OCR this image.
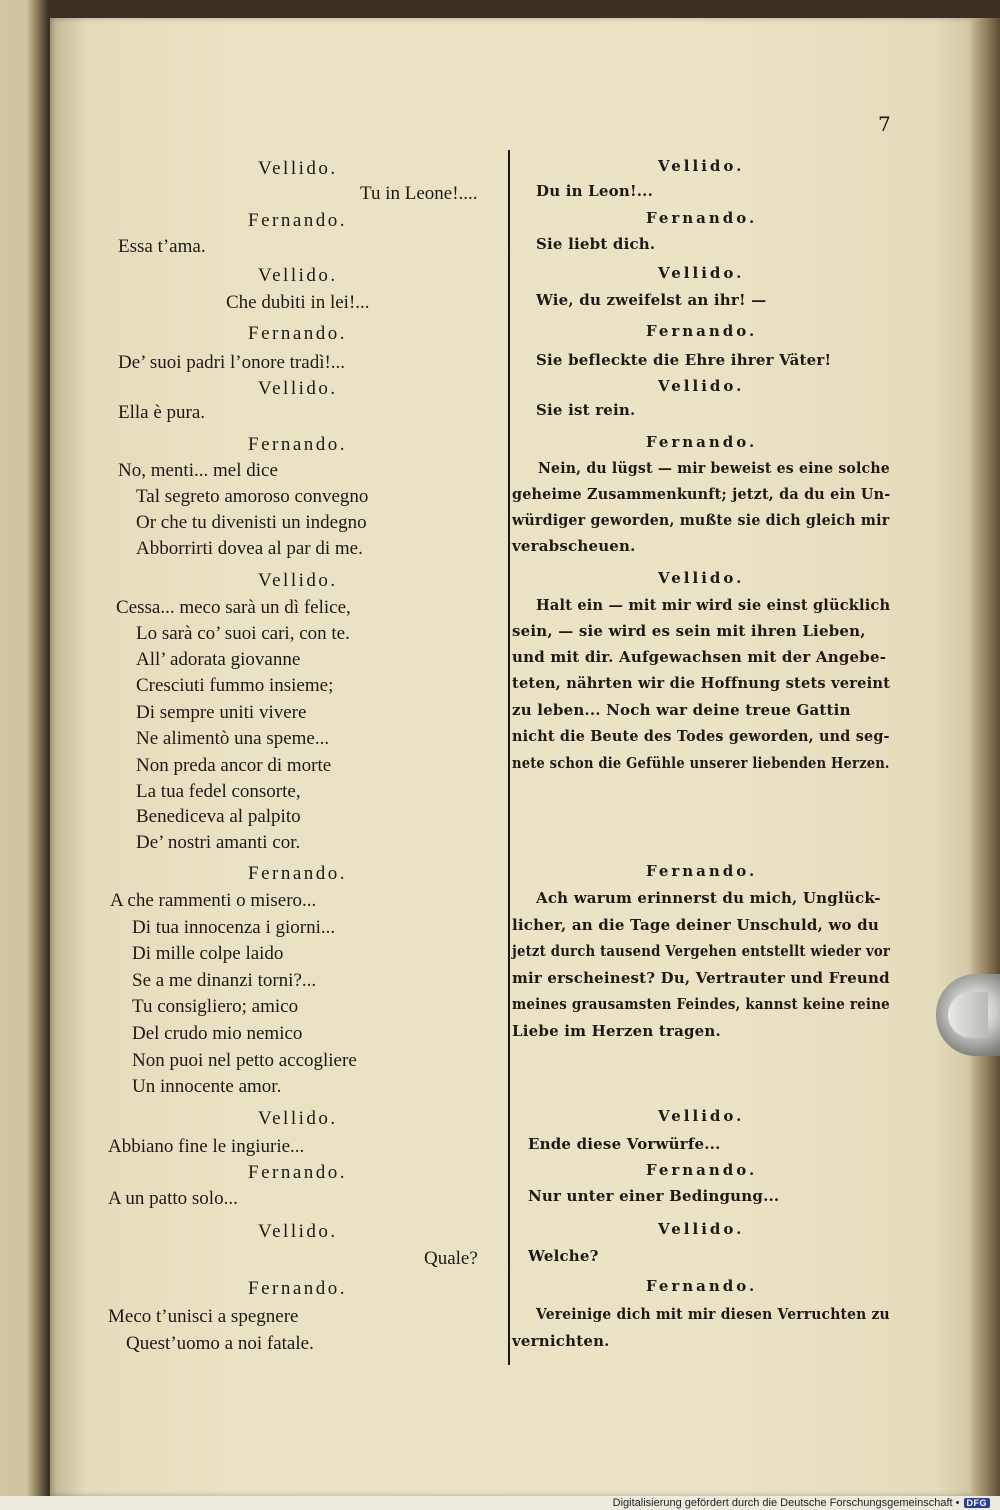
7
Vellido.
Tu in Leone!....
Fernando.
Essa t’ama.
Vellido.
Che dubiti in lei!...
Fernando.
De’ suoi padri l’onore tradì!...
Vellido.
Ella è pura.
Fernando.
No, menti... mel dice
Tal segreto amoroso convegno
Or che tu divenisti un indegno
Abborrirti dovea al par di me.
Vellido.
Cessa... meco sarà un dì felice,
Lo sarà co’ suoi cari, con te.
All’ adorata giovanne
Cresciuti fummo insieme;
Di sempre uniti vivere
Ne alimentò una speme...
Non preda ancor di morte
La tua fedel consorte,
Benediceva al palpito
De’ nostri amanti cor.
Fernando.
A che rammenti o misero...
Di tua innocenza i giorni...
Di mille colpe laido
Se a me dinanzi torni?...
Tu consigliero; amico
Del crudo mio nemico
Non puoi nel petto accogliere
Un innocente amor.
Vellido.
Abbiano fine le ingiurie...
Fernando.
A un patto solo...
Vellido.
Quale?
Fernando.
Meco t’unisci a spegnere
Quest’uomo a noi fatale.
Vellido.
Du in Leon!...
Fernando.
Sie liebt dich.
Vellido.
Wie, du zweifelst an ihr! —
Fernando.
Sie befleckte die Ehre ihrer Väter!
Vellido.
Sie ist rein.
Fernando.
Nein, du lügst — mir beweist es eine solche
geheime Zusammenkunft; jetzt, da du ein Un-
würdiger geworden, mußte sie dich gleich mir
verabscheuen.
Vellido.
Halt ein — mit mir wird sie einst glücklich
sein, — sie wird es sein mit ihren Lieben,
und mit dir. Aufgewachsen mit der Angebe-
teten, nährten wir die Hoffnung stets vereint
zu leben... Noch war deine treue Gattin
nicht die Beute des Todes geworden, und seg-
nete schon die Gefühle unserer liebenden Herzen.
Fernando.
Ach warum erinnerst du mich, Unglück-
licher, an die Tage deiner Unschuld, wo du
jetzt durch tausend Vergehen entstellt wieder vor
mir erscheinest? Du, Vertrauter und Freund
meines grausamsten Feindes, kannst keine reine
Liebe im Herzen tragen.
Vellido.
Ende diese Vorwürfe...
Fernando.
Nur unter einer Bedingung...
Vellido.
Welche?
Fernando.
Vereinige dich mit mir diesen Verruchten zu
vernichten.
Digitalisierung gefördert durch die Deutsche Forschungsgemeinschaft • DFG
